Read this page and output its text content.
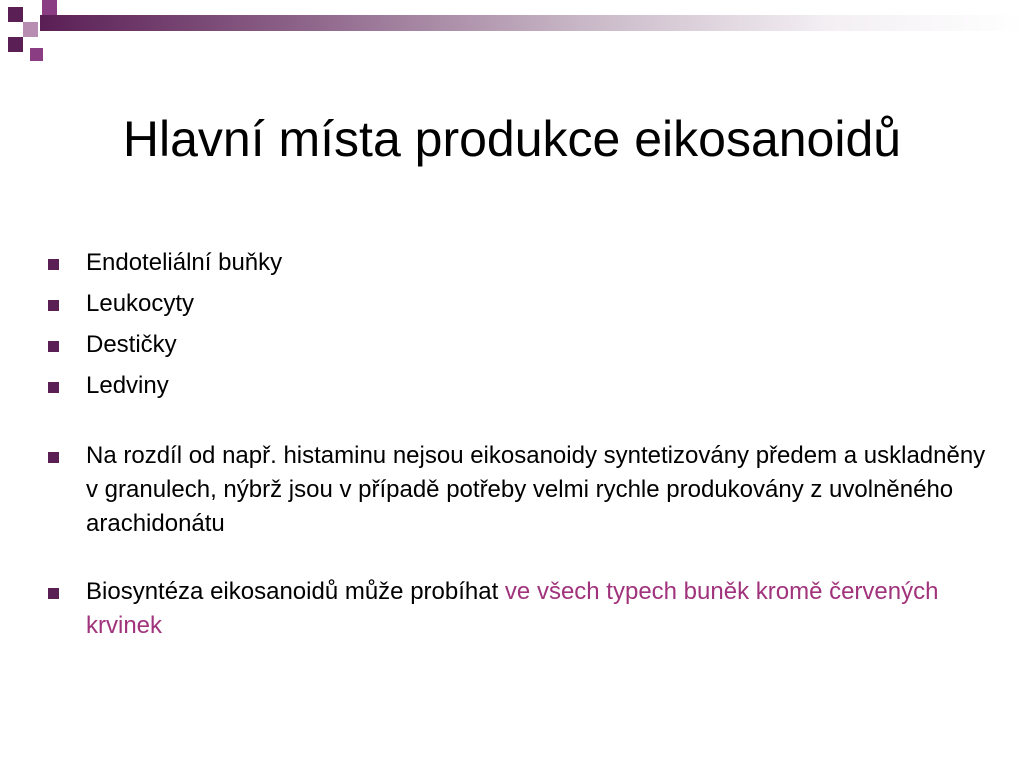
Hlavní místa produkce eikosanoidů

Endoteliální buňky

Leukocyty

Destičky

Ledviny

Na rozdíl od např. histaminu nejsou eikosanoidy syntetizovány předem a uskladněny v granulech, nýbrž jsou v případě potřeby velmi rychle produkovány z uvolněného arachidonátu

Biosyntéza eikosanoidů může probíhat ve všech typech buněk kromě červených krvinek
